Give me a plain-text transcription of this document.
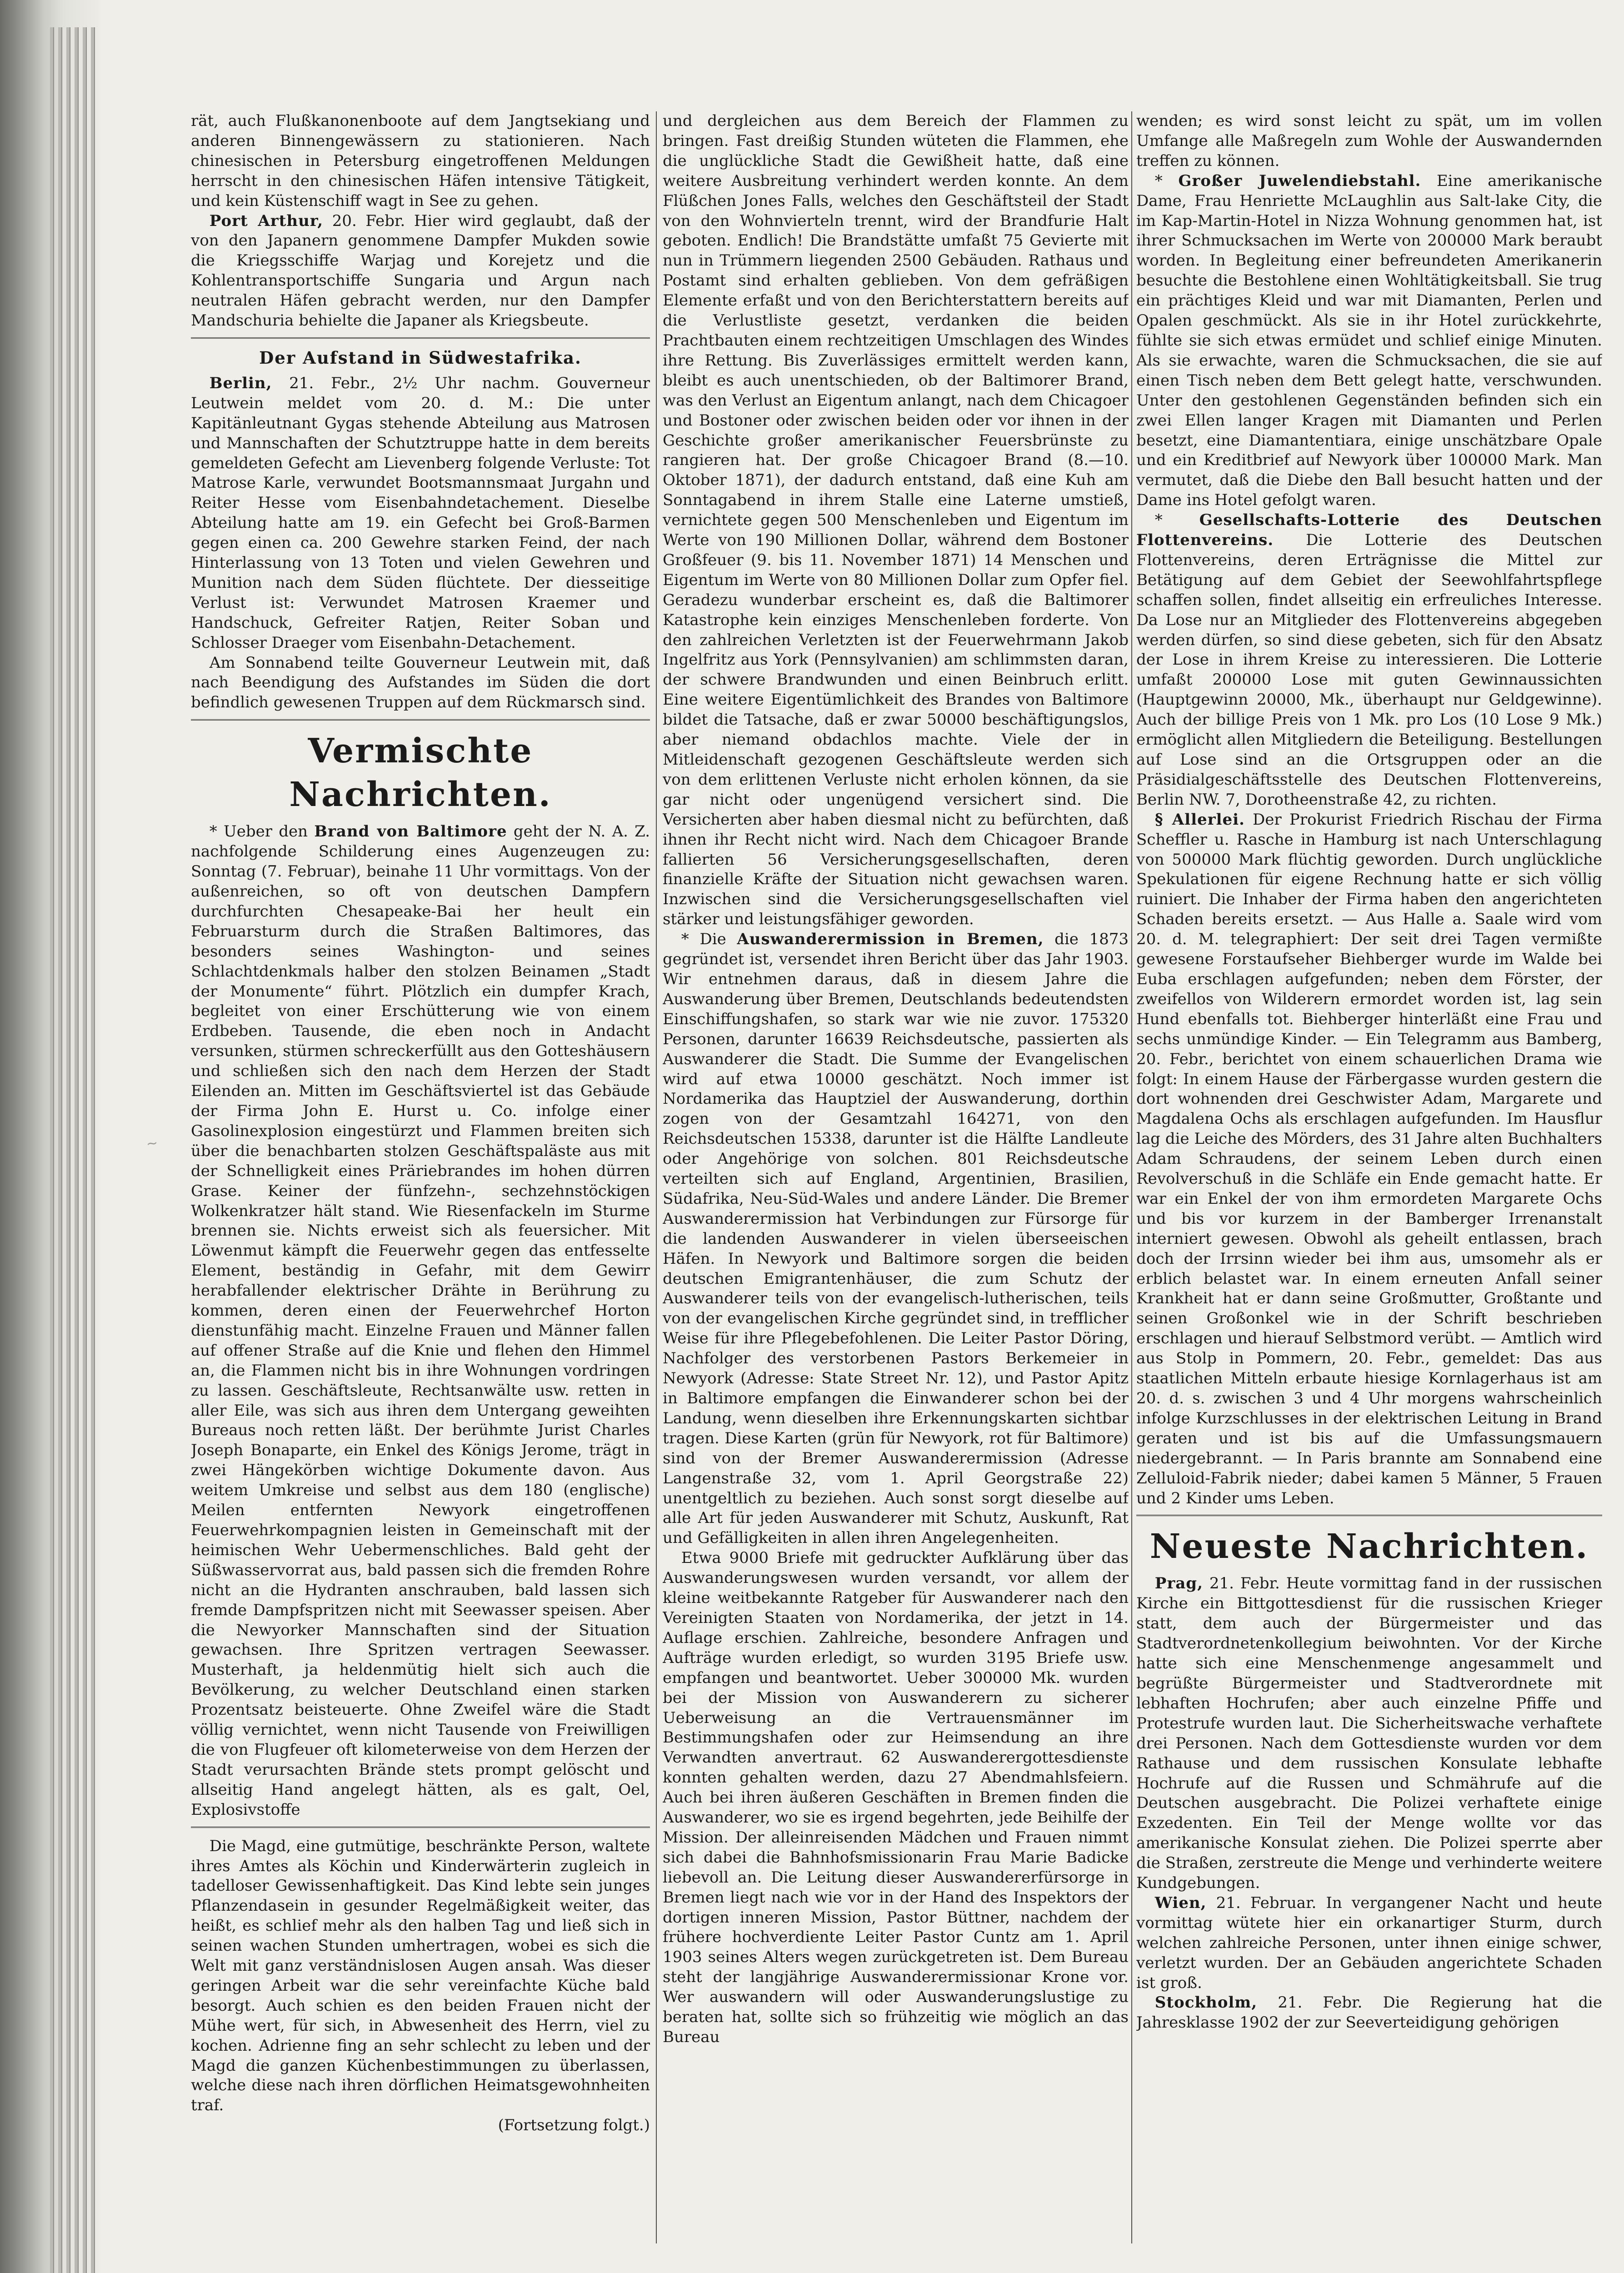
~

rät, auch Flußkanonenboote auf dem Jangtsekiang und anderen Binnengewässern zu stationieren. Nach chinesischen in Petersburg eingetroffenen Meldungen herrscht in den chinesischen Häfen intensive Tätigkeit, und kein Küstenschiff wagt in See zu gehen.

Port Arthur, 20. Febr. Hier wird geglaubt, daß der von den Japanern genommene Dampfer Mukden sowie die Kriegsschiffe Warjag und Korejetz und die Kohlentransportschiffe Sungaria und Argun nach neutralen Häfen gebracht werden, nur den Dampfer Mandschuria behielte die Japaner als Kriegsbeute.

Der Aufstand in Südwestafrika.

Berlin, 21. Febr., 2½ Uhr nachm. Gouverneur Leutwein meldet vom 20. d. M.: Die unter Kapitänleutnant Gygas stehende Abteilung aus Matrosen und Mannschaften der Schutztruppe hatte in dem bereits gemeldeten Gefecht am Lievenberg folgende Verluste: Tot Matrose Karle, verwundet Bootsmannsmaat Jurgahn und Reiter Hesse vom Eisenbahndetachement. Dieselbe Abteilung hatte am 19. ein Gefecht bei Groß-Barmen gegen einen ca. 200 Gewehre starken Feind, der nach Hinterlassung von 13 Toten und vielen Gewehren und Munition nach dem Süden flüchtete. Der diesseitige Verlust ist: Verwundet Matrosen Kraemer und Handschuck, Gefreiter Ratjen, Reiter Soban und Schlosser Draeger vom Eisenbahn-Detachement.

Am Sonnabend teilte Gouverneur Leutwein mit, daß nach Beendigung des Aufstandes im Süden die dort befindlich gewesenen Truppen auf dem Rückmarsch sind.

Vermischte Nachrichten.

* Ueber den Brand von Baltimore geht der N. A. Z. nachfolgende Schilderung eines Augenzeugen zu: Sonntag (7. Februar), beinahe 11 Uhr vormittags. Von der außenreichen, so oft von deutschen Dampfern durchfurchten Chesapeake-Bai her heult ein Februarsturm durch die Straßen Baltimores, das besonders seines Washington- und seines Schlachtdenkmals halber den stolzen Beinamen „Stadt der Monumente“ führt. Plötzlich ein dumpfer Krach, begleitet von einer Erschütterung wie von einem Erdbeben. Tausende, die eben noch in Andacht versunken, stürmen schreckerfüllt aus den Gotteshäusern und schließen sich den nach dem Herzen der Stadt Eilenden an. Mitten im Geschäftsviertel ist das Gebäude der Firma John E. Hurst u. Co. infolge einer Gasolinexplosion eingestürzt und Flammen breiten sich über die benachbarten stolzen Geschäftspaläste aus mit der Schnelligkeit eines Präriebrandes im hohen dürren Grase. Keiner der fünfzehn-, sechzehnstöckigen Wolkenkratzer hält stand. Wie Riesenfackeln im Sturme brennen sie. Nichts erweist sich als feuersicher. Mit Löwenmut kämpft die Feuerwehr gegen das entfesselte Element, beständig in Gefahr, mit dem Gewirr herabfallender elektrischer Drähte in Berührung zu kommen, deren einen der Feuerwehrchef Horton dienstunfähig macht. Einzelne Frauen und Männer fallen auf offener Straße auf die Knie und flehen den Himmel an, die Flammen nicht bis in ihre Wohnungen vordringen zu lassen. Geschäftsleute, Rechtsanwälte usw. retten in aller Eile, was sich aus ihren dem Untergang geweihten Bureaus noch retten läßt. Der berühmte Jurist Charles Joseph Bonaparte, ein Enkel des Königs Jerome, trägt in zwei Hängekörben wichtige Dokumente davon. Aus weitem Umkreise und selbst aus dem 180 (englische) Meilen entfernten Newyork eingetroffenen Feuerwehrkompagnien leisten in Gemeinschaft mit der heimischen Wehr Uebermenschliches. Bald geht der Süßwasservorrat aus, bald passen sich die fremden Rohre nicht an die Hydranten anschrauben, bald lassen sich fremde Dampfspritzen nicht mit Seewasser speisen. Aber die Newyorker Mannschaften sind der Situation gewachsen. Ihre Spritzen vertragen Seewasser. Musterhaft, ja heldenmütig hielt sich auch die Bevölkerung, zu welcher Deutschland einen starken Prozentsatz beisteuerte. Ohne Zweifel wäre die Stadt völlig vernichtet, wenn nicht Tausende von Freiwilligen die von Flugfeuer oft kilometerweise von dem Herzen der Stadt verursachten Brände stets prompt gelöscht und allseitig Hand angelegt hätten, als es galt, Oel, Explosivstoffe

Die Magd, eine gutmütige, beschränkte Person, waltete ihres Amtes als Köchin und Kinderwärterin zugleich in tadelloser Gewissenhaftigkeit. Das Kind lebte sein junges Pflanzendasein in gesunder Regelmäßigkeit weiter, das heißt, es schlief mehr als den halben Tag und ließ sich in seinen wachen Stunden umhertragen, wobei es sich die Welt mit ganz verständnislosen Augen ansah. Was dieser geringen Arbeit war die sehr vereinfachte Küche bald besorgt. Auch schien es den beiden Frauen nicht der Mühe wert, für sich, in Abwesenheit des Herrn, viel zu kochen. Adrienne fing an sehr schlecht zu leben und der Magd die ganzen Küchenbestimmungen zu überlassen, welche diese nach ihren dörflichen Heimatsgewohnheiten traf.

(Fortsetzung folgt.)

und dergleichen aus dem Bereich der Flammen zu bringen. Fast dreißig Stunden wüteten die Flammen, ehe die unglückliche Stadt die Gewißheit hatte, daß eine weitere Ausbreitung verhindert werden konnte. An dem Flüßchen Jones Falls, welches den Geschäftsteil der Stadt von den Wohnvierteln trennt, wird der Brandfurie Halt geboten. Endlich! Die Brandstätte umfaßt 75 Gevierte mit nun in Trümmern liegenden 2500 Gebäuden. Rathaus und Postamt sind erhalten geblieben. Von dem gefräßigen Elemente erfaßt und von den Berichterstattern bereits auf die Verlustliste gesetzt, verdanken die beiden Prachtbauten einem rechtzeitigen Umschlagen des Windes ihre Rettung. Bis Zuverlässiges ermittelt werden kann, bleibt es auch unentschieden, ob der Baltimorer Brand, was den Verlust an Eigentum anlangt, nach dem Chicagoer und Bostoner oder zwischen beiden oder vor ihnen in der Geschichte großer amerikanischer Feuersbrünste zu rangieren hat. Der große Chicagoer Brand (8.—10. Oktober 1871), der dadurch entstand, daß eine Kuh am Sonntagabend in ihrem Stalle eine Laterne umstieß, vernichtete gegen 500 Menschenleben und Eigentum im Werte von 190 Millionen Dollar, während dem Bostoner Großfeuer (9. bis 11. November 1871) 14 Menschen und Eigentum im Werte von 80 Millionen Dollar zum Opfer fiel. Geradezu wunderbar erscheint es, daß die Baltimorer Katastrophe kein einziges Menschenleben forderte. Von den zahlreichen Verletzten ist der Feuerwehrmann Jakob Ingelfritz aus York (Pennsylvanien) am schlimmsten daran, der schwere Brandwunden und einen Beinbruch erlitt. Eine weitere Eigentümlichkeit des Brandes von Baltimore bildet die Tatsache, daß er zwar 50000 beschäftigungslos, aber niemand obdachlos machte. Viele der in Mitleidenschaft gezogenen Geschäftsleute werden sich von dem erlittenen Verluste nicht erholen können, da sie gar nicht oder ungenügend versichert sind. Die Versicherten aber haben diesmal nicht zu befürchten, daß ihnen ihr Recht nicht wird. Nach dem Chicagoer Brande fallierten 56 Versicherungsgesellschaften, deren finanzielle Kräfte der Situation nicht gewachsen waren. Inzwischen sind die Versicherungsgesellschaften viel stärker und leistungsfähiger geworden.

* Die Auswanderermission in Bremen, die 1873 gegründet ist, versendet ihren Bericht über das Jahr 1903. Wir entnehmen daraus, daß in diesem Jahre die Auswanderung über Bremen, Deutschlands bedeutendsten Einschiffungshafen, so stark war wie nie zuvor. 175320 Personen, darunter 16639 Reichsdeutsche, passierten als Auswanderer die Stadt. Die Summe der Evangelischen wird auf etwa 10000 geschätzt. Noch immer ist Nordamerika das Hauptziel der Auswanderung, dorthin zogen von der Gesamtzahl 164271, von den Reichsdeutschen 15338, darunter ist die Hälfte Landleute oder Angehörige von solchen. 801 Reichsdeutsche verteilten sich auf England, Argentinien, Brasilien, Südafrika, Neu-Süd-Wales und andere Länder. Die Bremer Auswanderermission hat Verbindungen zur Fürsorge für die landenden Auswanderer in vielen überseeischen Häfen. In Newyork und Baltimore sorgen die beiden deutschen Emigrantenhäuser, die zum Schutz der Auswanderer teils von der evangelisch-lutherischen, teils von der evangelischen Kirche gegründet sind, in trefflicher Weise für ihre Pflegebefohlenen. Die Leiter Pastor Döring, Nachfolger des verstorbenen Pastors Berkemeier in Newyork (Adresse: State Street Nr. 12), und Pastor Apitz in Baltimore empfangen die Einwanderer schon bei der Landung, wenn dieselben ihre Erkennungskarten sichtbar tragen. Diese Karten (grün für Newyork, rot für Baltimore) sind von der Bremer Auswanderermission (Adresse Langenstraße 32, vom 1. April Georgstraße 22) unentgeltlich zu beziehen. Auch sonst sorgt dieselbe auf alle Art für jeden Auswanderer mit Schutz, Auskunft, Rat und Gefälligkeiten in allen ihren Angelegenheiten.

Etwa 9000 Briefe mit gedruckter Aufklärung über das Auswanderungswesen wurden versandt, vor allem der kleine weitbekannte Ratgeber für Auswanderer nach den Vereinigten Staaten von Nordamerika, der jetzt in 14. Auflage erschien. Zahlreiche, besondere Anfragen und Aufträge wurden erledigt, so wurden 3195 Briefe usw. empfangen und beantwortet. Ueber 300000 Mk. wurden bei der Mission von Auswanderern zu sicherer Ueberweisung an die Vertrauensmänner im Bestimmungshafen oder zur Heimsendung an ihre Verwandten anvertraut. 62 Auswanderergottesdienste konnten gehalten werden, dazu 27 Abendmahlsfeiern. Auch bei ihren äußeren Geschäften in Bremen finden die Auswanderer, wo sie es irgend begehrten, jede Beihilfe der Mission. Der alleinreisenden Mädchen und Frauen nimmt sich dabei die Bahnhofsmissionarin Frau Marie Badicke liebevoll an. Die Leitung dieser Auswandererfürsorge in Bremen liegt nach wie vor in der Hand des Inspektors der dortigen inneren Mission, Pastor Büttner, nachdem der frühere hochverdiente Leiter Pastor Cuntz am 1. April 1903 seines Alters wegen zurückgetreten ist. Dem Bureau steht der langjährige Auswanderermissionar Krone vor. Wer auswandern will oder Auswanderungslustige zu beraten hat, sollte sich so frühzeitig wie möglich an das Bureau

wenden; es wird sonst leicht zu spät, um im vollen Umfange alle Maßregeln zum Wohle der Auswandernden treffen zu können.

* Großer Juwelendiebstahl. Eine amerikanische Dame, Frau Henriette McLaughlin aus Salt-lake City, die im Kap-Martin-Hotel in Nizza Wohnung genommen hat, ist ihrer Schmucksachen im Werte von 200000 Mark beraubt worden. In Begleitung einer befreundeten Amerikanerin besuchte die Bestohlene einen Wohltätigkeitsball. Sie trug ein prächtiges Kleid und war mit Diamanten, Perlen und Opalen geschmückt. Als sie in ihr Hotel zurückkehrte, fühlte sie sich etwas ermüdet und schlief einige Minuten. Als sie erwachte, waren die Schmucksachen, die sie auf einen Tisch neben dem Bett gelegt hatte, verschwunden. Unter den gestohlenen Gegenständen befinden sich ein zwei Ellen langer Kragen mit Diamanten und Perlen besetzt, eine Diamantentiara, einige unschätzbare Opale und ein Kreditbrief auf Newyork über 100000 Mark. Man vermutet, daß die Diebe den Ball besucht hatten und der Dame ins Hotel gefolgt waren.

* Gesellschafts-Lotterie des Deutschen Flottenvereins. Die Lotterie des Deutschen Flottenvereins, deren Erträgnisse die Mittel zur Betätigung auf dem Gebiet der Seewohlfahrtspflege schaffen sollen, findet allseitig ein erfreuliches Interesse. Da Lose nur an Mitglieder des Flottenvereins abgegeben werden dürfen, so sind diese gebeten, sich für den Absatz der Lose in ihrem Kreise zu interessieren. Die Lotterie umfaßt 200000 Lose mit guten Gewinnaussichten (Hauptgewinn 20000, Mk., überhaupt nur Geldgewinne). Auch der billige Preis von 1 Mk. pro Los (10 Lose 9 Mk.) ermöglicht allen Mitgliedern die Beteiligung. Bestellungen auf Lose sind an die Ortsgruppen oder an die Präsidialgeschäftsstelle des Deutschen Flottenvereins, Berlin NW. 7, Dorotheenstraße 42, zu richten.

§ Allerlei. Der Prokurist Friedrich Rischau der Firma Scheffler u. Rasche in Hamburg ist nach Unterschlagung von 500000 Mark flüchtig geworden. Durch unglückliche Spekulationen für eigene Rechnung hatte er sich völlig ruiniert. Die Inhaber der Firma haben den angerichteten Schaden bereits ersetzt. — Aus Halle a. Saale wird vom 20. d. M. telegraphiert: Der seit drei Tagen vermißte gewesene Forstaufseher Biehberger wurde im Walde bei Euba erschlagen aufgefunden; neben dem Förster, der zweifellos von Wilderern ermordet worden ist, lag sein Hund ebenfalls tot. Biehberger hinterläßt eine Frau und sechs unmündige Kinder. — Ein Telegramm aus Bamberg, 20. Febr., berichtet von einem schauerlichen Drama wie folgt: In einem Hause der Färbergasse wurden gestern die dort wohnenden drei Geschwister Adam, Margarete und Magdalena Ochs als erschlagen aufgefunden. Im Hausflur lag die Leiche des Mörders, des 31 Jahre alten Buchhalters Adam Schraudens, der seinem Leben durch einen Revolverschuß in die Schläfe ein Ende gemacht hatte. Er war ein Enkel der von ihm ermordeten Margarete Ochs und bis vor kurzem in der Bamberger Irrenanstalt interniert gewesen. Obwohl als geheilt entlassen, brach doch der Irrsinn wieder bei ihm aus, umsomehr als er erblich belastet war. In einem erneuten Anfall seiner Krankheit hat er dann seine Großmutter, Großtante und seinen Großonkel wie in der Schrift beschrieben erschlagen und hierauf Selbstmord verübt. — Amtlich wird aus Stolp in Pommern, 20. Febr., gemeldet: Das aus staatlichen Mitteln erbaute hiesige Kornlagerhaus ist am 20. d. s. zwischen 3 und 4 Uhr morgens wahrscheinlich infolge Kurzschlusses in der elektrischen Leitung in Brand geraten und ist bis auf die Umfassungsmauern niedergebrannt. — In Paris brannte am Sonnabend eine Zelluloid-Fabrik nieder; dabei kamen 5 Männer, 5 Frauen und 2 Kinder ums Leben.

Neueste Nachrichten.

Prag, 21. Febr. Heute vormittag fand in der russischen Kirche ein Bittgottesdienst für die russischen Krieger statt, dem auch der Bürgermeister und das Stadtverordnetenkollegium beiwohnten. Vor der Kirche hatte sich eine Menschenmenge angesammelt und begrüßte Bürgermeister und Stadtverordnete mit lebhaften Hochrufen; aber auch einzelne Pfiffe und Protestrufe wurden laut. Die Sicherheitswache verhaftete drei Personen. Nach dem Gottesdienste wurden vor dem Rathause und dem russischen Konsulate lebhafte Hochrufe auf die Russen und Schmährufe auf die Deutschen ausgebracht. Die Polizei verhaftete einige Exzedenten. Ein Teil der Menge wollte vor das amerikanische Konsulat ziehen. Die Polizei sperrte aber die Straßen, zerstreute die Menge und verhinderte weitere Kundgebungen.

Wien, 21. Februar. In vergangener Nacht und heute vormittag wütete hier ein orkanartiger Sturm, durch welchen zahlreiche Personen, unter ihnen einige schwer, verletzt wurden. Der an Gebäuden angerichtete Schaden ist groß.

Stockholm, 21. Febr. Die Regierung hat die Jahresklasse 1902 der zur Seeverteidigung gehörigen
